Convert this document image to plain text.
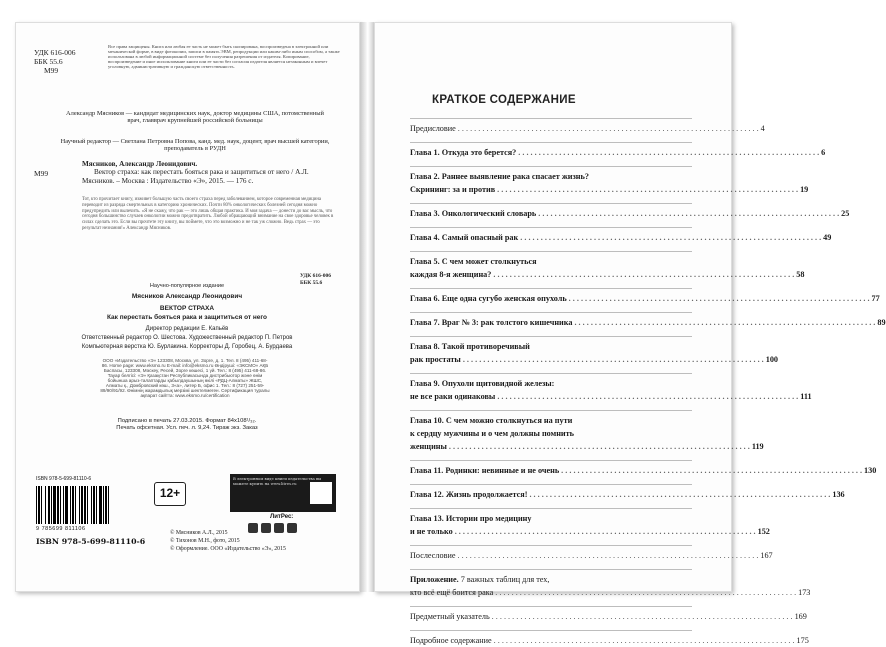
УДК 616-006
ББК 55.6
М99
Все права защищены. Книга или любая ее часть не может быть скопирована, воспроизведена в электронной или механической форме, в виде фотокопии, записи в память ЭВМ, репродукции или каким-либо иным способом, а также использована в любой информационной системе без получения разрешения от издателя. Копирование, воспроизведение и иное использование книги или ее части без согласия издателя является незаконным и влечет уголовную, административную и гражданскую ответственность.
Александр Мясников — кандидат медицинских наук, доктор медицины США, потомственный врач, главврач крупнейшей российской больницы
Научный редактор — Светлана Петровна Попова, канд. мед. наук, доцент, врач высшей категории, преподаватель в РУДН
М99
Мясников, Александр Леонидович.
Вектор страха: как перестать бояться рака и защититься от него / А.Л. Мясников. – Москва : Издательство «Э», 2015. — 176 с.
Тот, кто прочитает книгу, изживет большую часть своего страха перед заболеванием, которое современная медицина переводит из разряда смертельных в категорию хронических. Почти 80% онкологических болезней сегодня можно предупредить или вылечить. «Я не скажу, что рак — это лишь общая практика. И моя задача — донести до вас мысль, что сегодня большинство случаев онкологии можно предотвратить. Любой обращающий внимание на свое здоровье человек в силах сделать это. Если вы прочтете эту книгу, вы поймете, что это возможно и не так уж сложно. Ведь страх — это результат незнания!» Александр Мясников.
УДК 616-006
ББК 55.6
Научно-популярное издание
Мясников Александр Леонидович
ВЕКТОР СТРАХА
Как перестать бояться рака и защититься от него
Директор редакции Е. Капьёв
Ответственный редактор О. Шестова. Художественный редактор П. Петров
Компьютерная верстка Ю. Бурлакина. Корректоры Д. Горобец, А. Бурдаева
ООО «Издательство «Э» 123308, Москва, ул. Зорге, д. 1. Тел. 8 (495) 411-68-86. Home page: www.eksmo.ru E-mail: info@eksmo.ru Өндіруші: «ЭКСМО» АҚБ Баспасы, 123308, Мәскеу, Ресей, Зорге көшесі, 1 үй. Тел.: 8 (495) 411-68-86. Тауар белгісі: «Э» Қазақстан Республикасында дистрибьютор және өнім бойынша арыз-талаптарды қабылдаушының өкілі «РДЦ-Алматы» ЖШС, Алматы қ., Домбровский көш., 3«а», литер Б, офис 1. Тел.: 8 (727) 251-59-89/90/91/92. Өнімнің жарамдылық мерзімі шектелмеген. Сертификация туралы ақпарат сайтта: www.eksmo.ru/certification
Подписано в печать 27.03.2015. Формат 84х108¹/₃₂.
Печать офсетная. Усл. печ. л. 9,24. Тираж экз. Заказ
ISBN 978-5-699-81110-6
9 785699 811106
ISBN 978-5-699-81110-6
12+
В электронном виде книги издательства вы можете купить на www.litres.ru
ЛитРес:
© Мясников А.Л., 2015
© Тихонов М.Н., фото, 2015
© Оформление. ООО «Издательство «Э», 2015
КРАТКОЕ СОДЕРЖАНИЕ
Предисловие . . .	4
Глава 1. Откуда это берется? . . .	6
Глава 2. Раннее выявление рака спасает жизнь?
Скрининг: за и против . . .	19
Глава 3. Онкологический словарь . . .	25
Глава 4. Самый опасный рак . . .	49
Глава 5. С чем может столкнуться
каждая 8-я женщина? . . .	58
Глава 6. Еще одна сугубо женская опухоль . . .	77
Глава 7. Враг № 3: рак толстого кишечника . . .	89
Глава 8. Такой противоречивый
рак простаты . . .	100
Глава 9. Опухоли щитовидной железы:
не все раки одинаковы . . .	111
Глава 10. С чем можно столкнуться на пути
к сердцу мужчины и о чем должны помнить
женщины . . .	119
Глава 11. Родинки: невинные и не очень . . .	130
Глава 12. Жизнь продолжается! . . .	136
Глава 13. Истории про медицину
и не только . . .	152
Послесловие . . .	167
Приложение. 7 важных таблиц для тех,
кто всё ещё боится рака . . .	173
Предметный указатель . . .	169
Подробное содержание . . .	175
